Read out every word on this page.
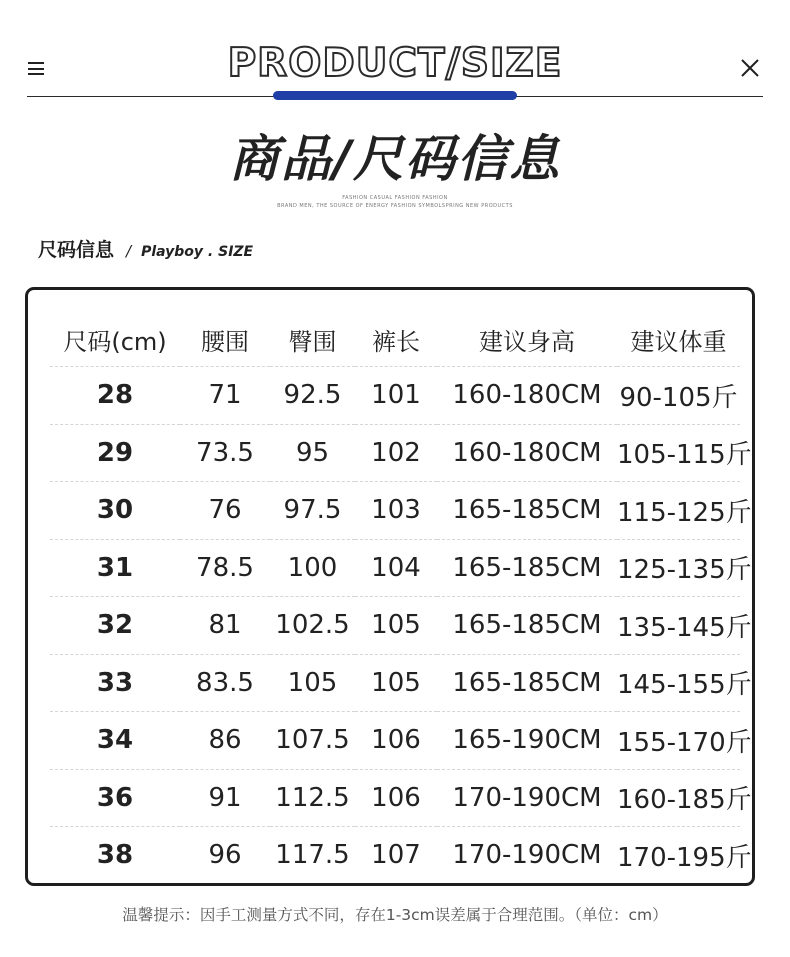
PRODUCT/SIZE
商品/尺码信息
FASHION CASUAL FASHION FASHION
BRAND MEN, THE SOURCE OF ENERGY FASHION SYMBOLSPRING NEW PRODUCTS
尺码信息 / Playboy . SIZE
尺码(cm)	腰围	臀围	裤长	建议身高	建议体重
28	71	92.5	101	160-180CM	90-105斤
29	73.5	95	102	160-180CM	105-115斤
30	76	97.5	103	165-185CM	115-125斤
31	78.5	100	104	165-185CM	125-135斤
32	81	102.5	105	165-185CM	135-145斤
33	83.5	105	105	165-185CM	145-155斤
34	86	107.5	106	165-190CM	155-170斤
36	91	112.5	106	170-190CM	160-185斤
38	96	117.5	107	170-190CM	170-195斤
温馨提示：因手工测量方式不同，存在1-3cm误差属于合理范围。（单位：cm）
